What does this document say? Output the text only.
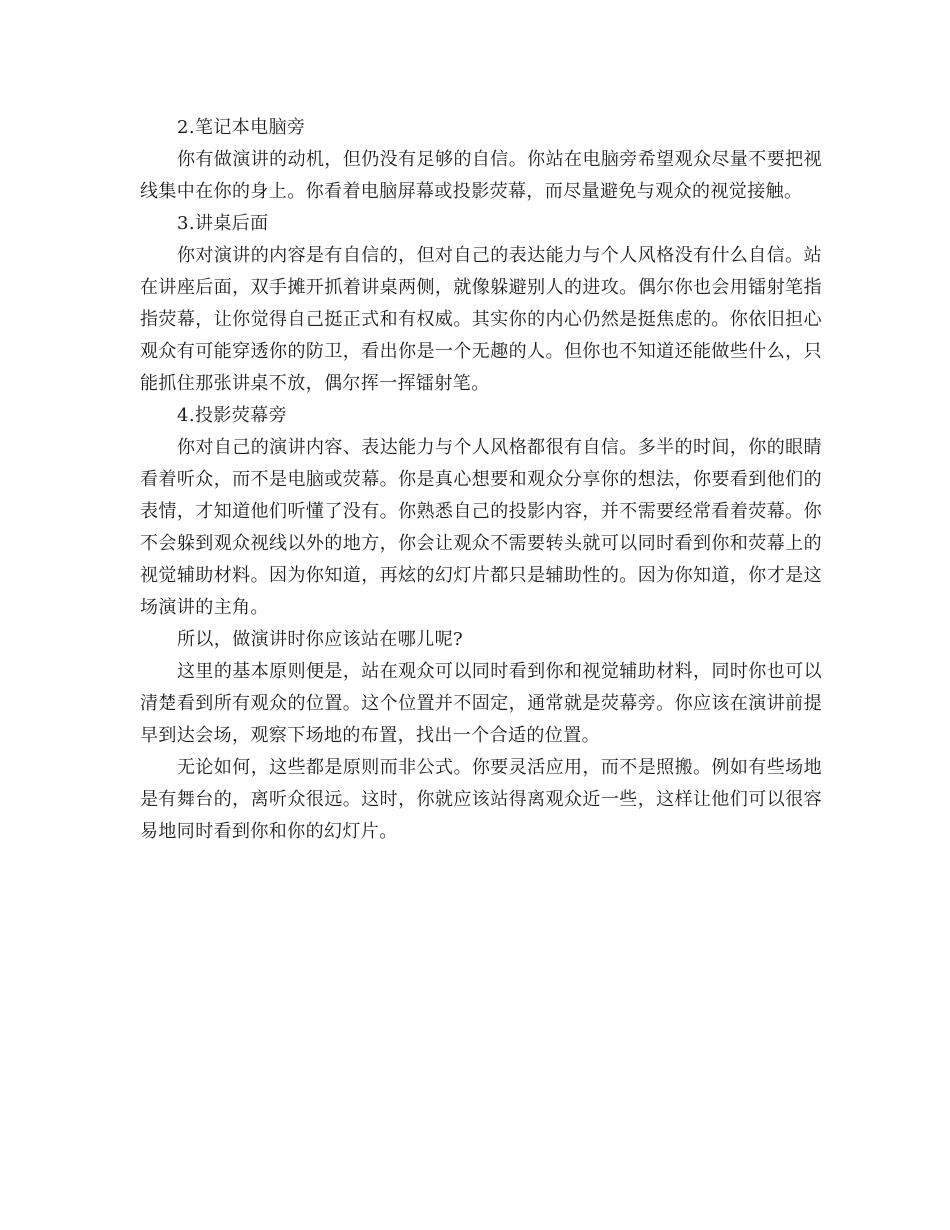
2.笔记本电脑旁

你有做演讲的动机，但仍没有足够的自信。你站在电脑旁希望观众尽量不要把视线集中在你的身上。你看着电脑屏幕或投影荧幕，而尽量避免与观众的视觉接触。

3.讲桌后面

你对演讲的内容是有自信的，但对自己的表达能力与个人风格没有什么自信。站在讲座后面，双手摊开抓着讲桌两侧，就像躲避别人的进攻。偶尔你也会用镭射笔指指荧幕，让你觉得自己挺正式和有权威。其实你的内心仍然是挺焦虑的。你依旧担心观众有可能穿透你的防卫，看出你是一个无趣的人。但你也不知道还能做些什么，只能抓住那张讲桌不放，偶尔挥一挥镭射笔。

4.投影荧幕旁

你对自己的演讲内容、表达能力与个人风格都很有自信。多半的时间，你的眼睛看着听众，而不是电脑或荧幕。你是真心想要和观众分享你的想法，你要看到他们的表情，才知道他们听懂了没有。你熟悉自己的投影内容，并不需要经常看着荧幕。你不会躲到观众视线以外的地方，你会让观众不需要转头就可以同时看到你和荧幕上的视觉辅助材料。因为你知道，再炫的幻灯片都只是辅助性的。因为你知道，你才是这场演讲的主角。

所以，做演讲时你应该站在哪儿呢?

这里的基本原则便是，站在观众可以同时看到你和视觉辅助材料，同时你也可以清楚看到所有观众的位置。这个位置并不固定，通常就是荧幕旁。你应该在演讲前提早到达会场，观察下场地的布置，找出一个合适的位置。

无论如何，这些都是原则而非公式。你要灵活应用，而不是照搬。例如有些场地是有舞台的，离听众很远。这时，你就应该站得离观众近一些，这样让他们可以很容易地同时看到你和你的幻灯片。
